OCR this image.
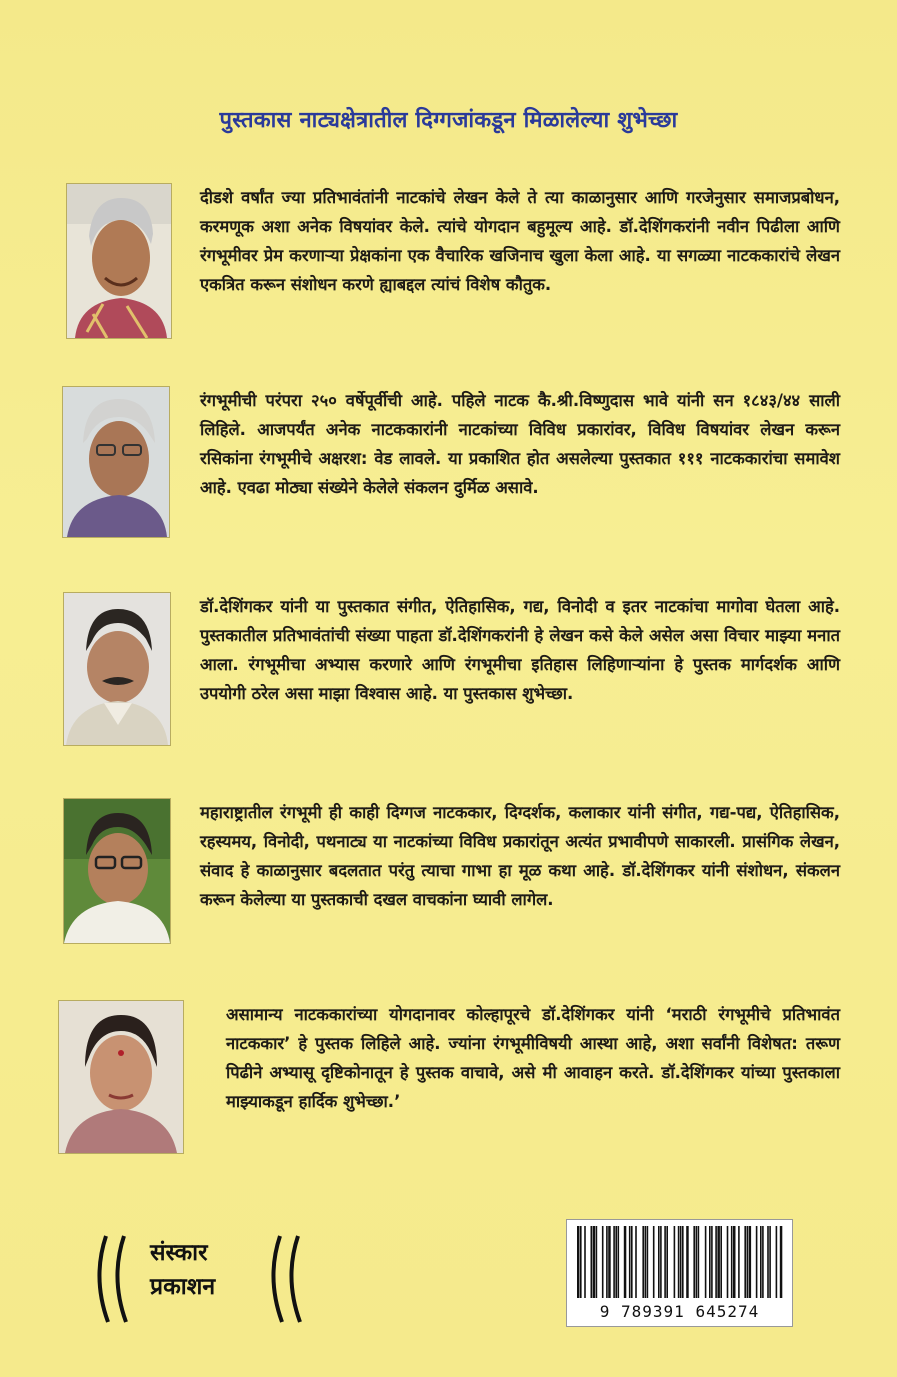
पुस्तकास नाट्यक्षेत्रातील दिग्गजांकडून मिळालेल्या शुभेच्छा
दीडशे वर्षांत ज्या प्रतिभावंतांनी नाटकांचे लेखन केले ते त्या काळानुसार आणि गरजेनुसार समाजप्रबोधन, करमणूक अशा अनेक विषयांवर केले. त्यांचे योगदान बहुमूल्य आहे. डॉ.देशिंगकरांनी नवीन पिढीला आणि रंगभूमीवर प्रेम करणाऱ्या प्रेक्षकांना एक वैचारिक खजिनाच खुला केला आहे. या सगळ्या नाटककारांचे लेखन एकत्रित करून संशोधन करणे ह्याबद्दल त्यांचं विशेष कौतुक.
रंगभूमीची परंपरा २५० वर्षेपूर्वीची आहे. पहिले नाटक कै.श्री.विष्णुदास भावे यांनी सन १८४३/४४ साली लिहिले. आजपर्यंत अनेक नाटककारांनी नाटकांच्या विविध प्रकारांवर, विविध विषयांवर लेखन करून रसिकांना रंगभूमीचे अक्षरश: वेड लावले. या प्रकाशित होत असलेल्या पुस्तकात १११ नाटककारांचा समावेश आहे. एवढा मोठ्या संख्येने केलेले संकलन दुर्मिळ असावे.
डॉ.देशिंगकर यांनी या पुस्तकात संगीत, ऐतिहासिक, गद्य, विनोदी व इतर नाटकांचा मागोवा घेतला आहे. पुस्तकातील प्रतिभावंतांची संख्या पाहता डॉ.देशिंगकरांनी हे लेखन कसे केले असेल असा विचार माझ्या मनात आला. रंगभूमीचा अभ्यास करणारे आणि रंगभूमीचा इतिहास लिहिणाऱ्यांना हे पुस्तक मार्गदर्शक आणि उपयोगी ठरेल असा माझा विश्वास आहे. या पुस्तकास शुभेच्छा.
महाराष्ट्रातील रंगभूमी ही काही दिग्गज नाटककार, दिग्दर्शक, कलाकार यांनी संगीत, गद्य-पद्य, ऐतिहासिक, रहस्यमय, विनोदी, पथनाट्य या नाटकांच्या विविध प्रकारांतून अत्यंत प्रभावीपणे साकारली. प्रासंगिक लेखन, संवाद हे काळानुसार बदलतात परंतु त्याचा गाभा हा मूळ कथा आहे. डॉ.देशिंगकर यांनी संशोधन, संकलन करून केलेल्या या पुस्तकाची दखल वाचकांना घ्यावी लागेल.
असामान्य नाटककारांच्या योगदानावर कोल्हापूरचे डॉ.देशिंगकर यांनी ‘मराठी रंगभूमीचे प्रतिभावंत नाटककार’ हे पुस्तक लिहिले आहे. ज्यांना रंगभूमीविषयी आस्था आहे, अशा सर्वांनी विशेषत: तरूण पिढीने अभ्यासू दृष्टिकोनातून हे पुस्तक वाचावे, असे मी आवाहन करते. डॉ.देशिंगकर यांच्या पुस्तकाला माझ्याकडून हार्दिक शुभेच्छा.’
संस्कार
प्रकाशन
9 789391 645274
